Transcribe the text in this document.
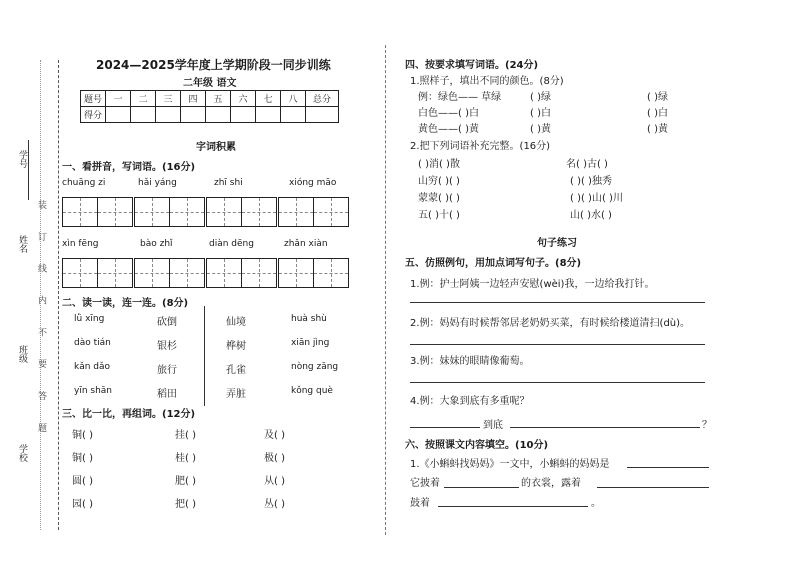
学号
姓名
班级
学校
装 订 线 内 不 要 答 题
2024—2025学年度上学期阶段一同步训练
二年级 语文
题号	一	二	三	四	五	六	七	八	总分
得分									
字词积累
一、看拼音，写词语。(16分)
chuāng zi	hǎi yáng	zhī shi	xióng māo
xìn fēng	bào zhǐ	diàn dēng	zhǎn xiàn
二、读一读，连一连。(8分)
lǜ xīng
dào tián
kǎn dǎo
yīn shān
砍倒
银杉
旅行
稻田
仙境
桦树
孔雀
弄脏
huà shù
xiān jìng
nòng zāng
kǒng què
三、比一比，再组词。(12分)
铜( )	挂( )	及( )
铜( )	桂( )	极( )
圆( )	肥( )	从( )
园( )	把( )	丛( )
四、按要求填写词语。(24分)
1.照样子，填出不同的颜色。(8分)
例：绿色—— 草绿	( )绿	( )绿
白色——( )白	( )白	( )白
黄色——( )黄	( )黄	( )黄
2.把下列词语补充完整。(16分)
( )消( )散	名( )古( )
山穷( )( )	( )( )独秀
蒙蒙( )( )	( )( )山( )川
五( )十( )	山( )水( )
句子练习
五、仿照例句，用加点词写句子。(8分)
1.例：护士阿姨一边轻声安慰(wèi)我，一边给我打针。
2.例：妈妈有时候帮邻居老奶奶买菜，有时候给楼道清扫(dù)。
3.例：妹妹的眼睛像葡萄。
4.例：大象到底有多重呢？
到底	？
六、按照课文内容填空。(10分)
1.《小蝌蚪找妈妈》一文中，小蝌蚪的妈妈是
它披着	的衣裳，露着
鼓着	。
